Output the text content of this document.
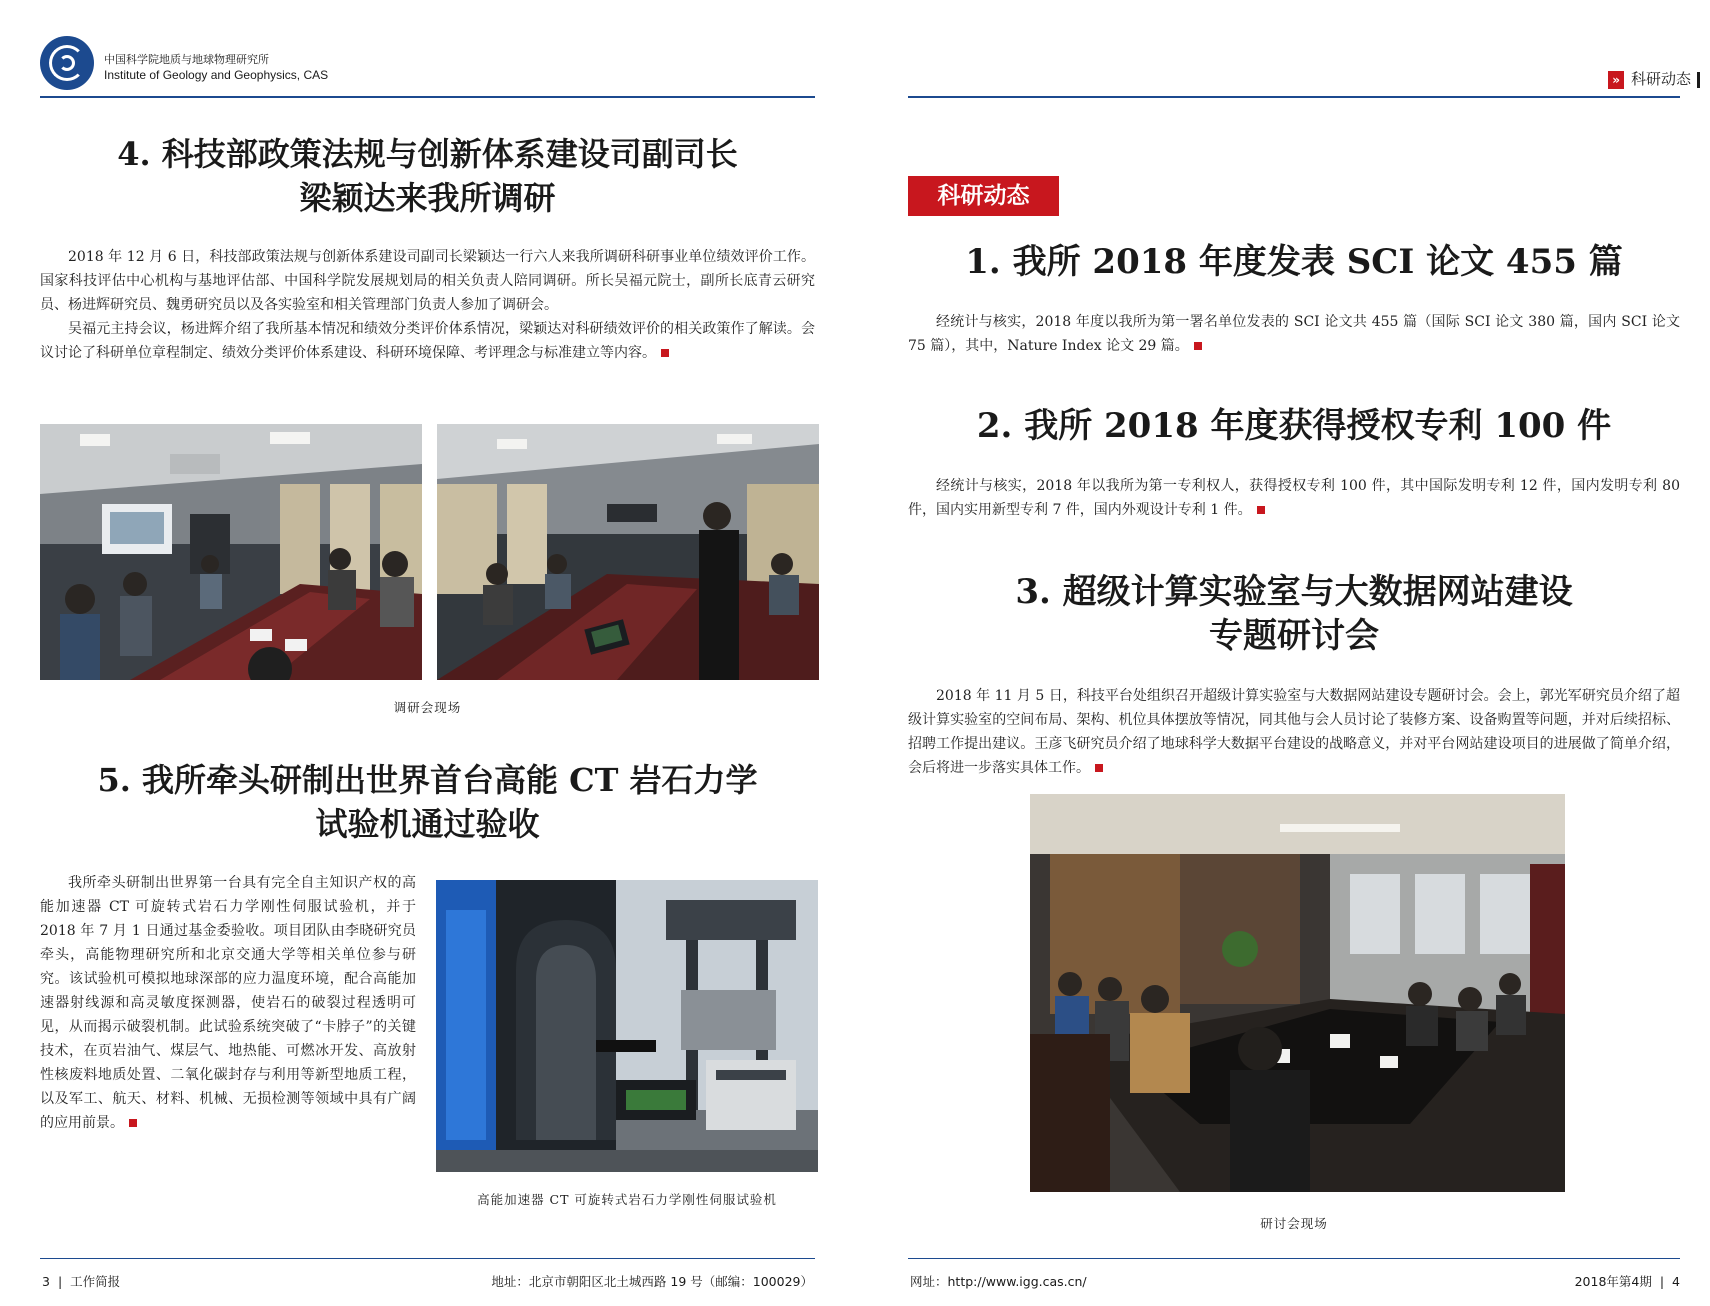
中国科学院地质与地球物理研究所
Institute of Geology and Geophysics, CAS
4. 科技部政策法规与创新体系建设司副司长
梁颖达来我所调研

2018 年 12 月 6 日，科技部政策法规与创新体系建设司副司长梁颖达一行六人来我所调研科研事业单位绩效评价工作。国家科技评估中心机构与基地评估部、中国科学院发展规划局的相关负责人陪同调研。所长吴福元院士，副所长底青云研究员、杨进辉研究员、魏勇研究员以及各实验室和相关管理部门负责人参加了调研会。

吴福元主持会议，杨进辉介绍了我所基本情况和绩效分类评价体系情况，梁颖达对科研绩效评价的相关政策作了解读。会议讨论了科研单位章程制定、绩效分类评价体系建设、科研环境保障、考评理念与标准建立等内容。

调研会现场
5. 我所牵头研制出世界首台高能 CT 岩石力学
试验机通过验收

我所牵头研制出世界第一台具有完全自主知识产权的高能加速器 CT 可旋转式岩石力学刚性伺服试验机，并于 2018 年 7 月 1 日通过基金委验收。项目团队由李晓研究员牵头，高能物理研究所和北京交通大学等相关单位参与研究。该试验机可模拟地球深部的应力温度环境，配合高能加速器射线源和高灵敏度探测器，使岩石的破裂过程透明可见，从而揭示破裂机制。此试验系统突破了“卡脖子”的关键技术，在页岩油气、煤层气、地热能、可燃冰开发、高放射性核废料地质处置、二氧化碳封存与利用等新型地质工程，以及军工、航天、材料、机械、无损检测等领域中具有广阔的应用前景。

高能加速器 CT 可旋转式岩石力学刚性伺服试验机
3 | 工作简报	地址：北京市朝阳区北土城西路 19 号（邮编：100029）
» 科研动态
科研动态
1. 我所 2018 年度发表 SCI 论文 455 篇

经统计与核实，2018 年度以我所为第一署名单位发表的 SCI 论文共 455 篇（国际 SCI 论文 380 篇，国内 SCI 论文 75 篇），其中，Nature Index 论文 29 篇。

2. 我所 2018 年度获得授权专利 100 件

经统计与核实，2018 年以我所为第一专利权人，获得授权专利 100 件，其中国际发明专利 12 件，国内发明专利 80 件，国内实用新型专利 7 件，国内外观设计专利 1 件。

3. 超级计算实验室与大数据网站建设
专题研讨会

2018 年 11 月 5 日，科技平台处组织召开超级计算实验室与大数据网站建设专题研讨会。会上，郭光军研究员介绍了超级计算实验室的空间布局、架构、机位具体摆放等情况，同其他与会人员讨论了装修方案、设备购置等问题，并对后续招标、招聘工作提出建议。王彦飞研究员介绍了地球科学大数据平台建设的战略意义，并对平台网站建设项目的进展做了简单介绍，会后将进一步落实具体工作。

研讨会现场
网址：http://www.igg.cas.cn/	2018年第4期 | 4
